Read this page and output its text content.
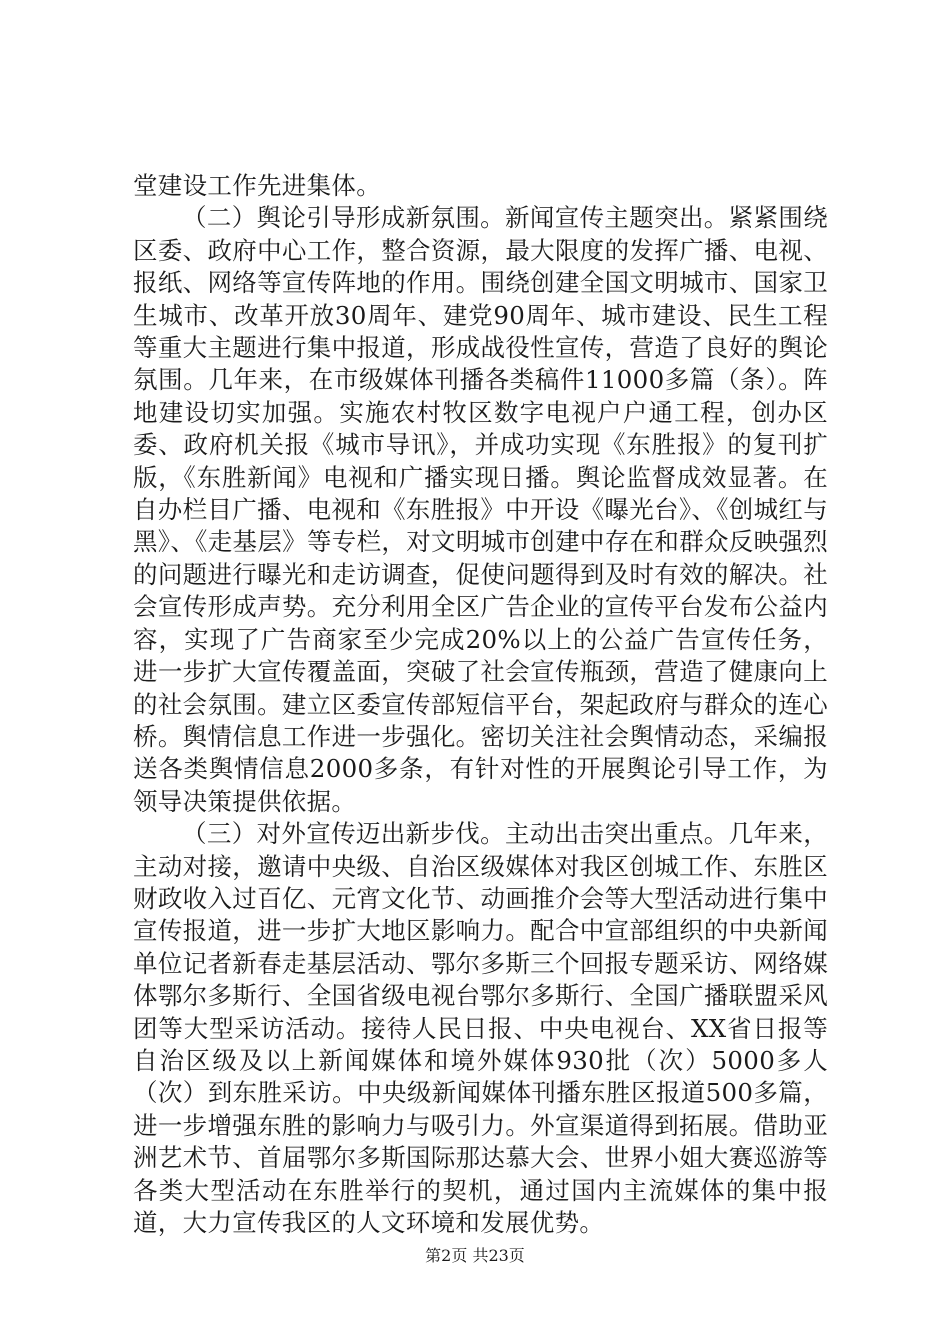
堂建设工作先进集体。

（二）舆论引导形成新氛围。新闻宣传主题突出。紧紧围绕区委、政府中心工作，整合资源，最大限度的发挥广播、电视、报纸、网络等宣传阵地的作用。围绕创建全国文明城市、国家卫生城市、改革开放30周年、建党90周年、城市建设、民生工程等重大主题进行集中报道，形成战役性宣传，营造了良好的舆论氛围。几年来，在市级媒体刊播各类稿件11000多篇（条）。阵地建设切实加强。实施农村牧区数字电视户户通工程，创办区委、政府机关报《城市导讯》，并成功实现《东胜报》的复刊扩版，《东胜新闻》电视和广播实现日播。舆论监督成效显著。在自办栏目广播、电视和《东胜报》中开设《曝光台》、《创城红与黑》、《走基层》等专栏，对文明城市创建中存在和群众反映强烈的问题进行曝光和走访调查，促使问题得到及时有效的解决。社会宣传形成声势。充分利用全区广告企业的宣传平台发布公益内容，实现了广告商家至少完成20%以上的公益广告宣传任务，进一步扩大宣传覆盖面，突破了社会宣传瓶颈，营造了健康向上的社会氛围。建立区委宣传部短信平台，架起政府与群众的连心桥。舆情信息工作进一步强化。密切关注社会舆情动态，采编报送各类舆情信息2000多条，有针对性的开展舆论引导工作，为领导决策提供依据。

（三）对外宣传迈出新步伐。主动出击突出重点。几年来，主动对接，邀请中央级、自治区级媒体对我区创城工作、东胜区财政收入过百亿、元宵文化节、动画推介会等大型活动进行集中宣传报道，进一步扩大地区影响力。配合中宣部组织的中央新闻单位记者新春走基层活动、鄂尔多斯三个回报专题采访、网络媒体鄂尔多斯行、全国省级电视台鄂尔多斯行、全国广播联盟采风团等大型采访活动。接待人民日报、中央电视台、XX省日报等自治区级及以上新闻媒体和境外媒体930批（次）5000多人（次）到东胜采访。中央级新闻媒体刊播东胜区报道500多篇，进一步增强东胜的影响力与吸引力。外宣渠道得到拓展。借助亚洲艺术节、首届鄂尔多斯国际那达慕大会、世界小姐大赛巡游等各类大型活动在东胜举行的契机，通过国内主流媒体的集中报道，大力宣传我区的人文环境和发展优势。

第2页 共23页
